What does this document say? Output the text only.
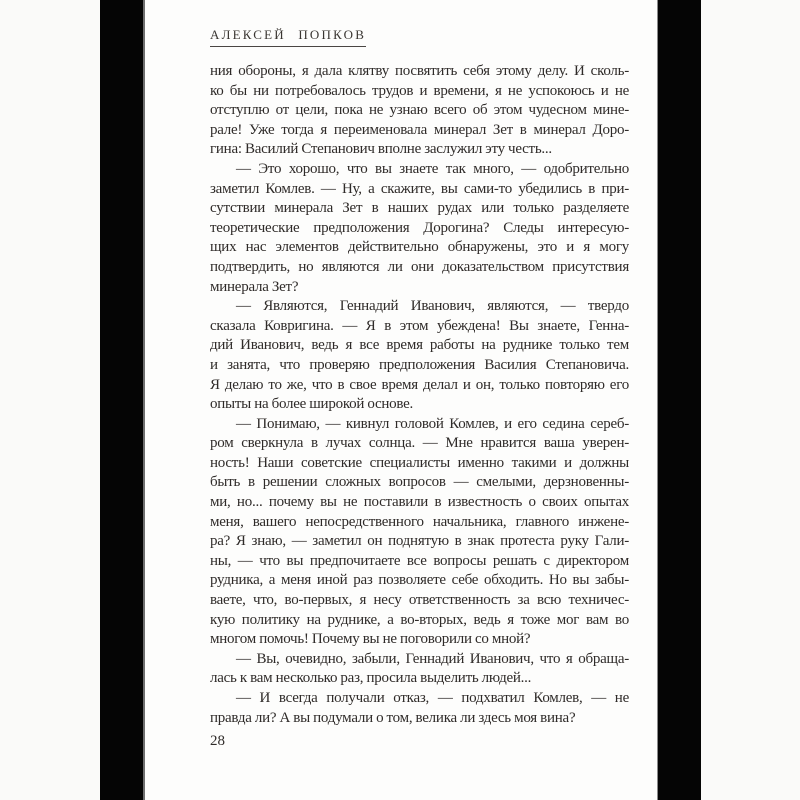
АЛЕКСЕЙ ПОПКОВ
ния обороны, я дала клятву посвятить себя этому делу. И сколь-
ко бы ни потребовалось трудов и времени, я не успокоюсь и не
отступлю от цели, пока не узнаю всего об этом чудесном мине-
рале! Уже тогда я переименовала минерал Зет в минерал Доро-
гина: Василий Степанович вполне заслужил эту честь...
— Это хорошо, что вы знаете так много, — одобрительно
заметил Комлев. — Ну, а скажите, вы сами-то убедились в при-
сутствии минерала Зет в наших рудах или только разделяете
теоретические предположения Дорогина? Следы интересую-
щих нас элементов действительно обнаружены, это и я могу
подтвердить, но являются ли они доказательством присутствия
минерала Зет?
— Являются, Геннадий Иванович, являются, — твердо
сказала Ковригина. — Я в этом убеждена! Вы знаете, Генна-
дий Иванович, ведь я все время работы на руднике только тем
и занята, что проверяю предположения Василия Степановича.
Я делаю то же, что в свое время делал и он, только повторяю его
опыты на более широкой основе.
— Понимаю, — кивнул головой Комлев, и его седина сереб-
ром сверкнула в лучах солнца. — Мне нравится ваша уверен-
ность! Наши советские специалисты именно такими и должны
быть в решении сложных вопросов — смелыми, дерзновенны-
ми, но... почему вы не поставили в известность о своих опытах
меня, вашего непосредственного начальника, главного инжене-
ра? Я знаю, — заметил он поднятую в знак протеста руку Гали-
ны, — что вы предпочитаете все вопросы решать с директором
рудника, а меня иной раз позволяете себе обходить. Но вы забы-
ваете, что, во-первых, я несу ответственность за всю техничес-
кую политику на руднике, а во-вторых, ведь я тоже мог вам во
многом помочь! Почему вы не поговорили со мной?
— Вы, очевидно, забыли, Геннадий Иванович, что я обраща-
лась к вам несколько раз, просила выделить людей...
— И всегда получали отказ, — подхватил Комлев, — не
правда ли? А вы подумали о том, велика ли здесь моя вина?
28
